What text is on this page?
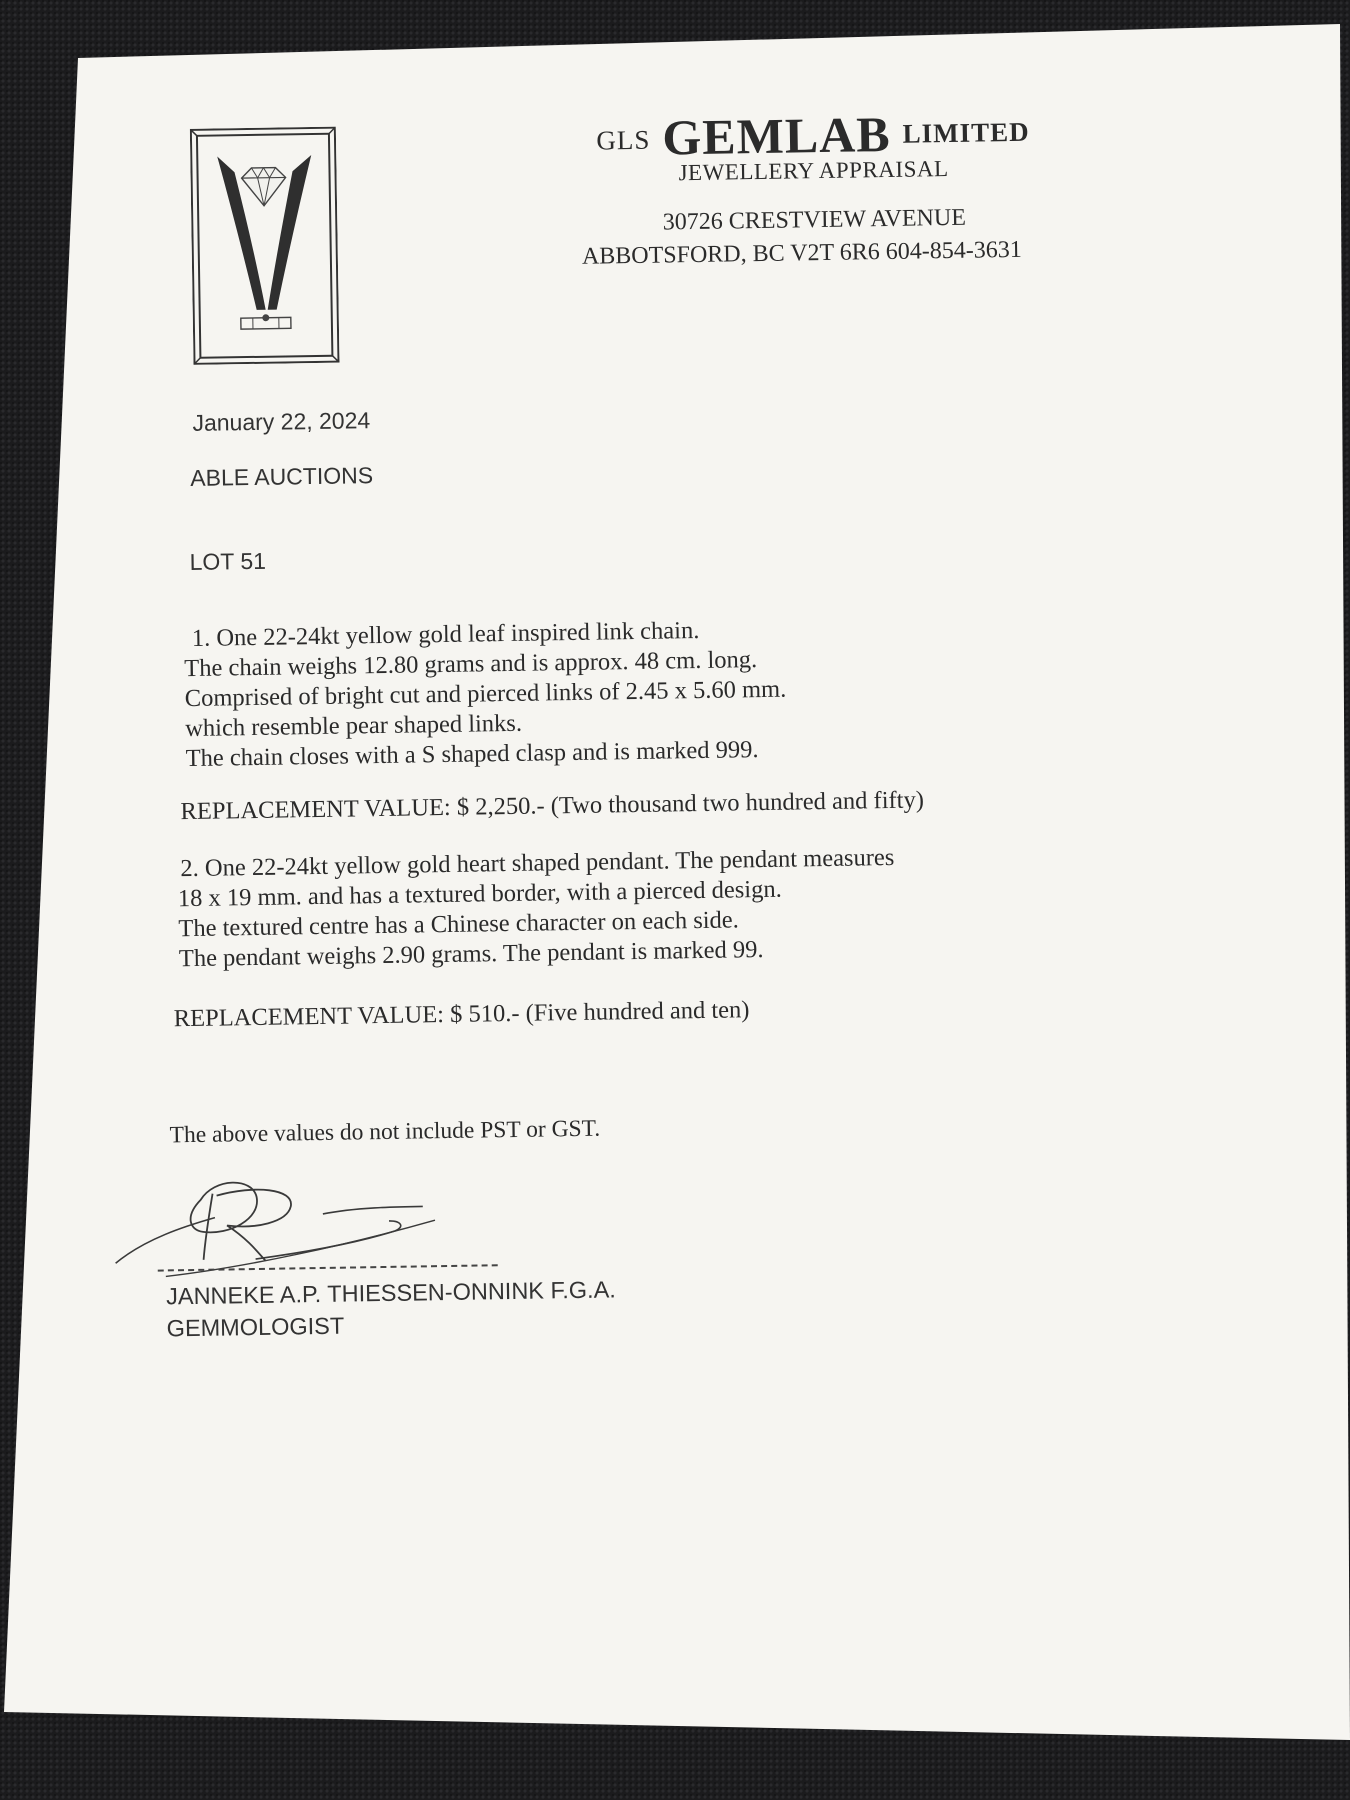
GLS GEMLAB LIMITED
JEWELLERY APPRAISAL
30726 CRESTVIEW AVENUE
ABBOTSFORD, BC V2T 6R6 604-854-3631
January 22, 2024
ABLE AUCTIONS
LOT 51
1. One 22-24kt yellow gold leaf inspired link chain.
The chain weighs 12.80 grams and is approx. 48 cm. long.
Comprised of bright cut and pierced links of 2.45 x 5.60 mm.
which resemble pear shaped links.
The chain closes with a S shaped clasp and is marked 999.
REPLACEMENT VALUE: $ 2,250.- (Two thousand two hundred and fifty)
2. One 22-24kt yellow gold heart shaped pendant. The pendant measures
18 x 19 mm. and has a textured border, with a pierced design.
The textured centre has a Chinese character on each side.
The pendant weighs 2.90 grams. The pendant is marked 99.
REPLACEMENT VALUE: $ 510.- (Five hundred and ten)
The above values do not include PST or GST.
JANNEKE A.P. THIESSEN-ONNINK F.G.A.
GEMMOLOGIST
